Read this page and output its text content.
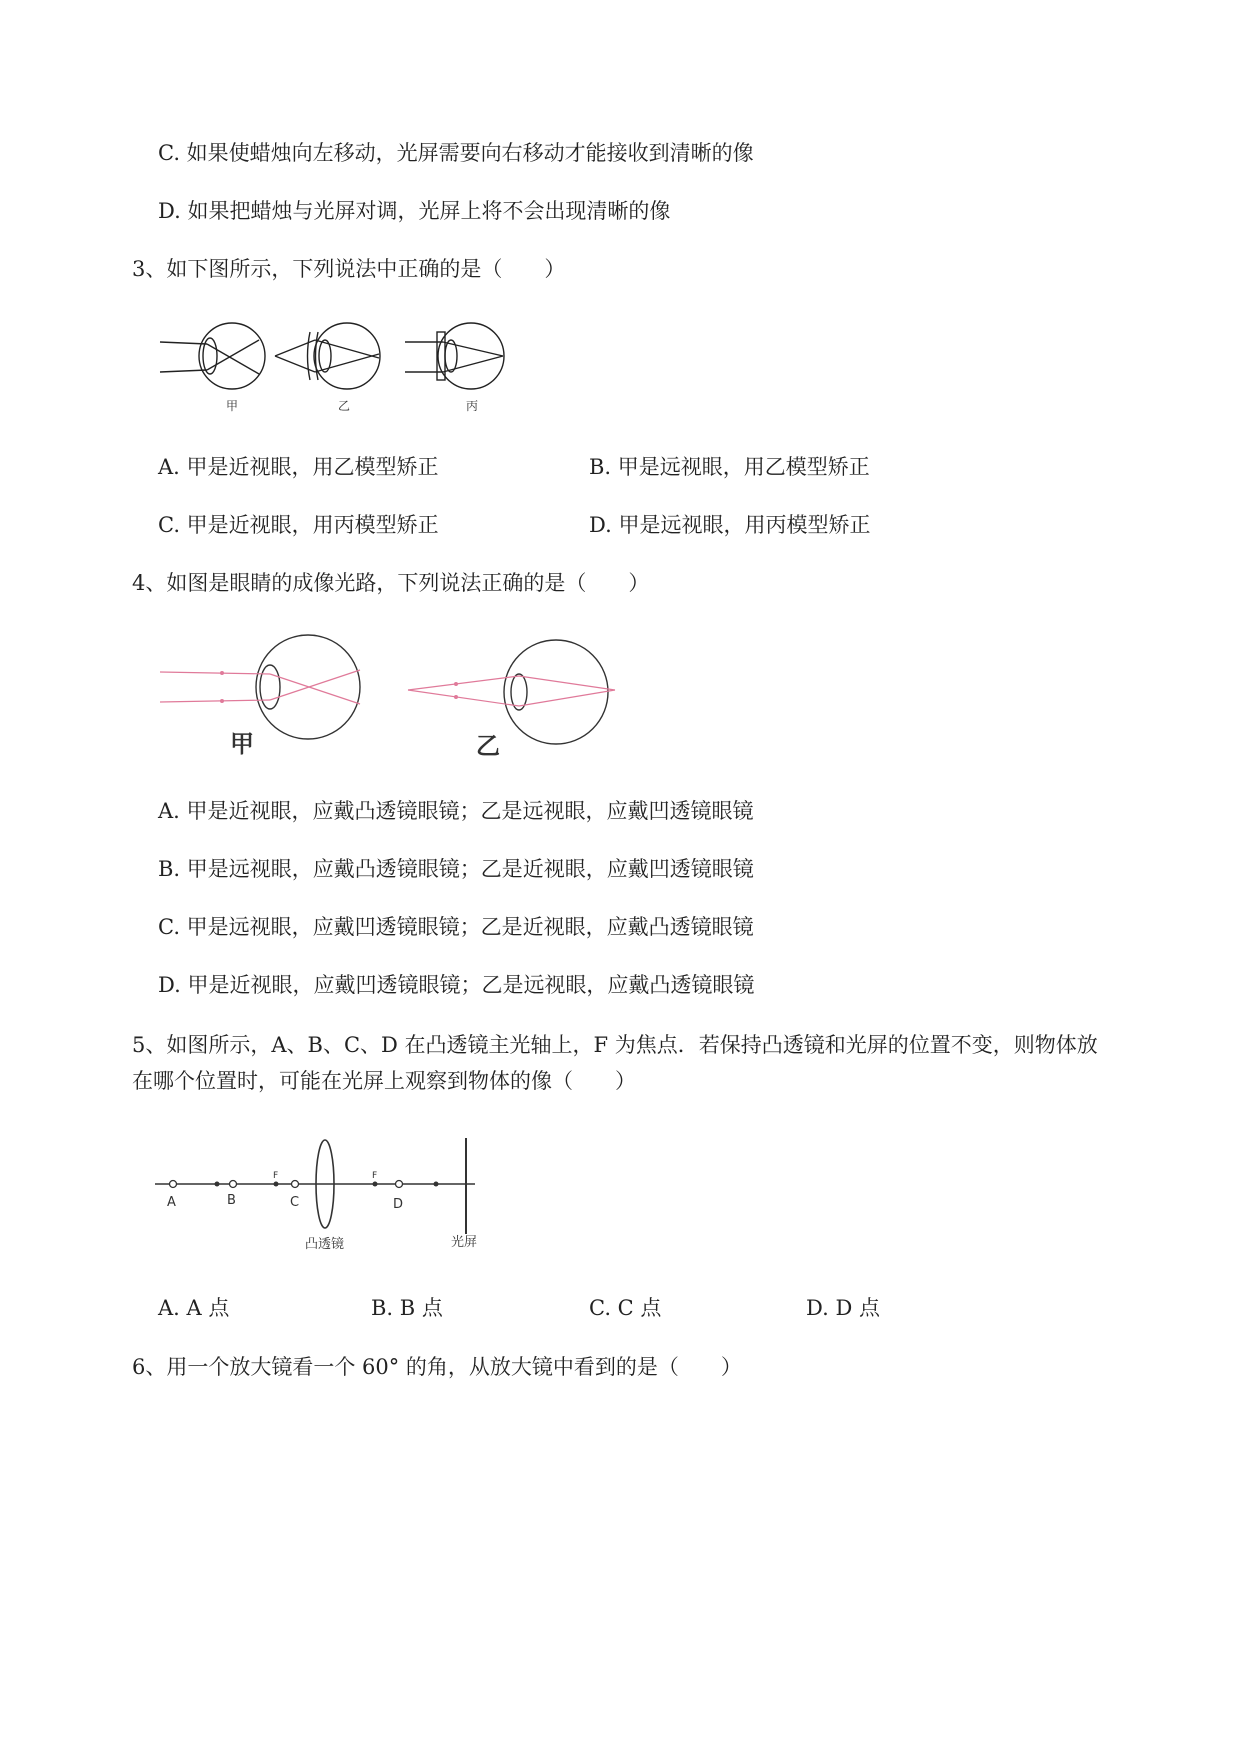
C. 如果使蜡烛向左移动，光屏需要向右移动才能接收到清晰的像
D. 如果把蜡烛与光屏对调，光屏上将不会出现清晰的像
3、如下图所示，下列说法中正确的是（　　）
甲	乙	丙
A. 甲是近视眼，用乙模型矫正	B. 甲是远视眼，用乙模型矫正
C. 甲是近视眼，用丙模型矫正	D. 甲是远视眼，用丙模型矫正
4、如图是眼睛的成像光路，下列说法正确的是（　　）
甲	乙
A. 甲是近视眼，应戴凸透镜眼镜；乙是远视眼，应戴凹透镜眼镜
B. 甲是远视眼，应戴凸透镜眼镜；乙是近视眼，应戴凹透镜眼镜
C. 甲是远视眼，应戴凹透镜眼镜；乙是近视眼，应戴凸透镜眼镜
D. 甲是近视眼，应戴凹透镜眼镜；乙是远视眼，应戴凸透镜眼镜
5、如图所示，A、B、C、D 在凸透镜主光轴上，F 为焦点．若保持凸透镜和光屏的位置不变，则物体放
在哪个位置时，可能在光屏上观察到物体的像（　　）
A	B	C	D
F	F
凸透镜	光屏
A. A 点	B. B 点	C. C 点	D. D 点
6、用一个放大镜看一个 60° 的角，从放大镜中看到的是（　　）
